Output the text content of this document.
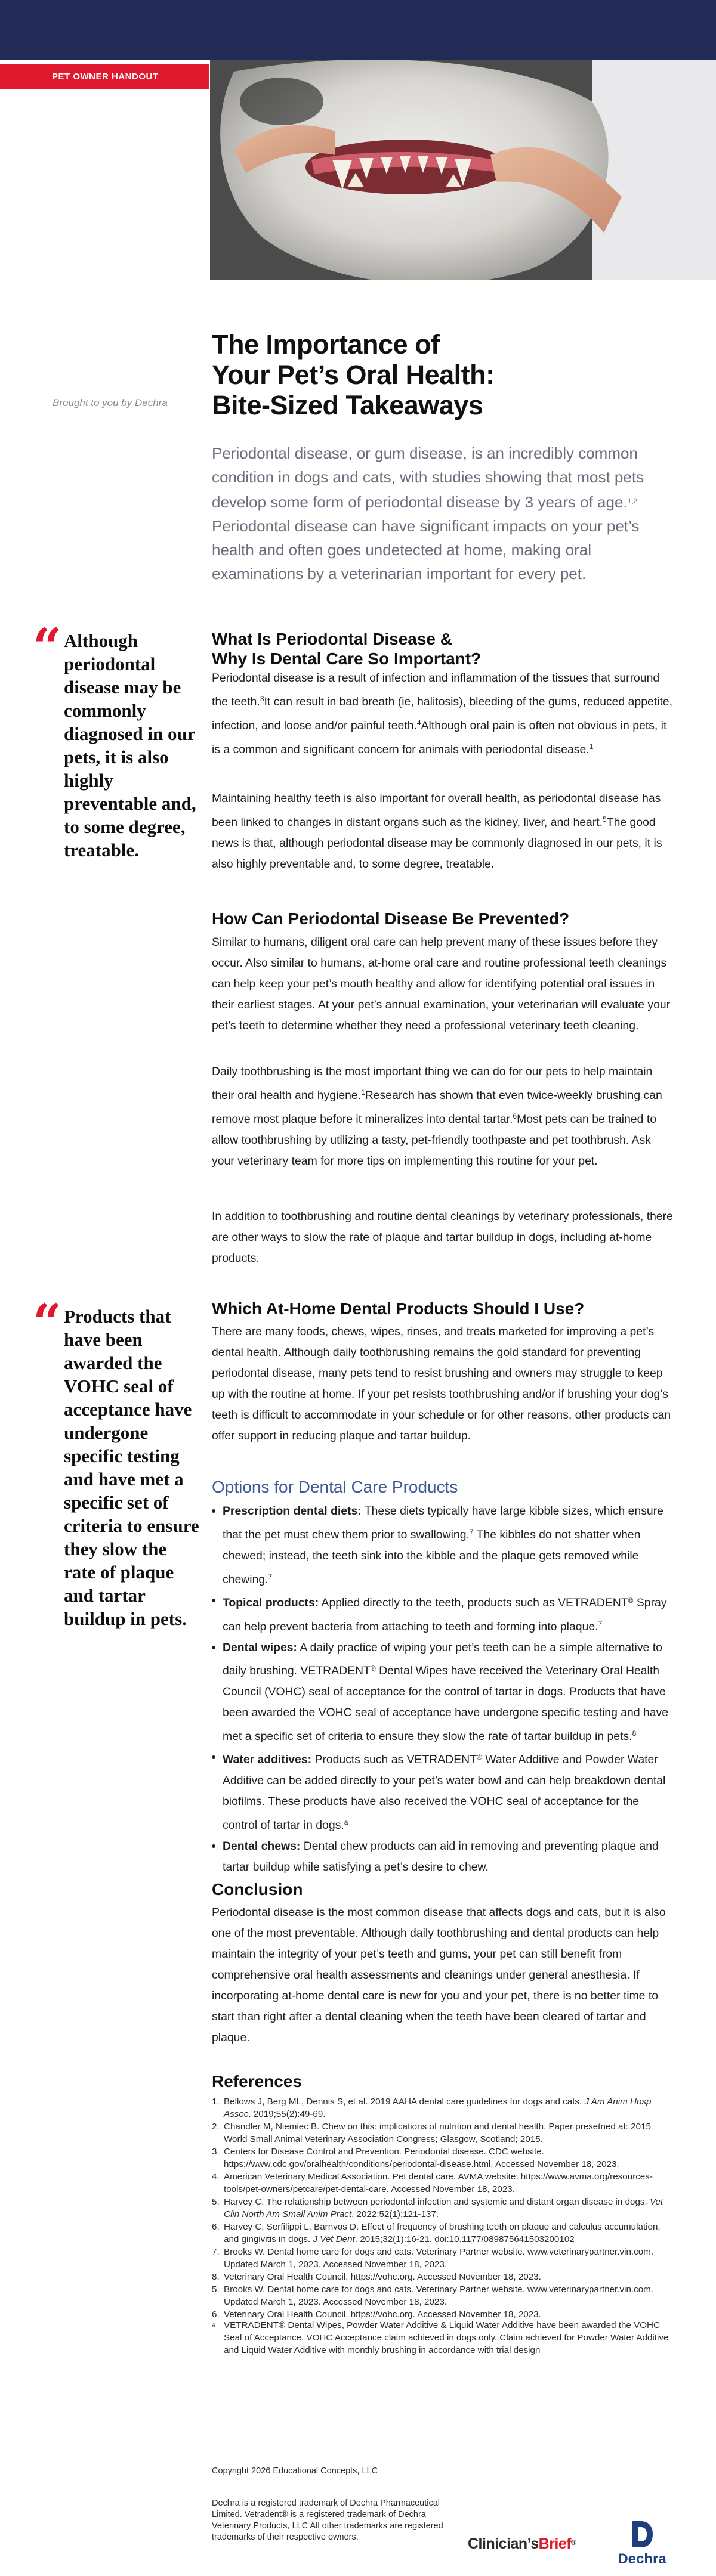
PET OWNER HANDOUT
The Importance of
Your Pet’s Oral Health:
Bite-Sized Takeaways
Brought to you by Dechra
Periodontal disease, or gum disease, is an incredibly common condition in dogs and cats, with studies showing that most pets develop some form of periodontal disease by 3 years of age.$^{1,2}$ Periodontal disease can have significant impacts on your pet’s health and often goes undetected at home, making oral examinations by a veterinarian important for every pet.
“ Although periodontal disease may be commonly diagnosed in our pets, it is also highly preventable and, to some degree, treatable.
What Is Periodontal Disease &
Why Is Dental Care So Important?
Periodontal disease is a result of infection and inflammation of the tissues that surround the teeth.$^3$It can result in bad breath (ie, halitosis), bleeding of the gums, reduced appetite, infection, and loose and/or painful teeth.$^4$Although oral pain is often not obvious in pets, it is a common and significant concern for animals with periodontal disease.$^1$
Maintaining healthy teeth is also important for overall health, as periodontal disease has been linked to changes in distant organs such as the kidney, liver, and heart.$^5$The good news is that, although periodontal disease may be commonly diagnosed in our pets, it is also highly preventable and, to some degree, treatable.
How Can Periodontal Disease Be Prevented?
Similar to humans, diligent oral care can help prevent many of these issues before they occur. Also similar to humans, at-home oral care and routine professional teeth cleanings can help keep your pet’s mouth healthy and allow for identifying potential oral issues in their earliest stages. At your pet’s annual examination, your veterinarian will evaluate your pet’s teeth to determine whether they need a professional veterinary teeth cleaning.
Daily toothbrushing is the most important thing we can do for our pets to help maintain their oral health and hygiene.$^1$Research has shown that even twice-weekly brushing can remove most plaque before it mineralizes into dental tartar.$^6$Most pets can be trained to allow toothbrushing by utilizing a tasty, pet-friendly toothpaste and pet toothbrush. Ask your veterinary team for more tips on implementing this routine for your pet.
In addition to toothbrushing and routine dental cleanings by veterinary professionals, there are other ways to slow the rate of plaque and tartar buildup in dogs, including at-home products.
“ Products that have been awarded the VOHC seal of acceptance have undergone specific testing and have met a specific set of criteria to ensure they slow the rate of plaque and tartar buildup in pets.
Which At-Home Dental Products Should I Use?
There are many foods, chews, wipes, rinses, and treats marketed for improving a pet’s dental health. Although daily toothbrushing remains the gold standard for preventing periodontal disease, many pets tend to resist brushing and owners may struggle to keep up with the routine at home. If your pet resists toothbrushing and/or if brushing your dog’s teeth is difficult to accommodate in your schedule or for other reasons, other products can offer support in reducing plaque and tartar buildup.
Options for Dental Care Products
Prescription dental diets: These diets typically have large kibble sizes, which ensure that the pet must chew them prior to swallowing.$^7$ The kibbles do not shatter when chewed; instead, the teeth sink into the kibble and the plaque gets removed while chewing.$^7$
Topical products: Applied directly to the teeth, products such as VETRADENT® Spray can help prevent bacteria from attaching to teeth and forming into plaque.$^7$
Dental wipes: A daily practice of wiping your pet’s teeth can be a simple alternative to daily brushing. VETRADENT® Dental Wipes have received the Veterinary Oral Health Council (VOHC) seal of acceptance for the control of tartar in dogs. Products that have been awarded the VOHC seal of acceptance have undergone specific testing and have met a specific set of criteria to ensure they slow the rate of tartar buildup in pets.$^8$
Water additives: Products such as VETRADENT® Water Additive and Powder Water Additive can be added directly to your pet’s water bowl and can help breakdown dental biofilms. These products have also received the VOHC seal of acceptance for the control of tartar in dogs.$^a$
Dental chews: Dental chew products can aid in removing and preventing plaque and tartar buildup while satisfying a pet’s desire to chew.
Conclusion
Periodontal disease is the most common disease that affects dogs and cats, but it is also one of the most preventable. Although daily toothbrushing and dental products can help maintain the integrity of your pet’s teeth and gums, your pet can still benefit from comprehensive oral health assessments and cleanings under general anesthesia. If incorporating at-home dental care is new for you and your pet, there is no better time to start than right after a dental cleaning when the teeth have been cleared of tartar and plaque.
References
1. Bellows J, Berg ML, Dennis S, et al. 2019 AAHA dental care guidelines for dogs and cats. J Am Anim Hosp Assoc. 2019;55(2):49-69.
2. Chandler M, Niemiec B. Chew on this: implications of nutrition and dental health. Paper presetned at: 2015 World Small Animal Veterinary Association Congress; Glasgow, Scotland; 2015.
3. Centers for Disease Control and Prevention. Periodontal disease. CDC website. https://www.cdc.gov/oralhealth/conditions/periodontal-disease.html. Accessed November 18, 2023.
4. American Veterinary Medical Association. Pet dental care. AVMA website: https://www.avma.org/resources-tools/pet-owners/petcare/pet-dental-care. Accessed November 18, 2023.
5. Harvey C. The relationship between periodontal infection and systemic and distant organ disease in dogs. Vet Clin North Am Small Anim Pract. 2022;52(1):121-137.
6. Harvey C, Serfilippi L, Barnvos D. Effect of frequency of brushing teeth on plaque and calculus accumulation, and gingivitis in dogs. J Vet Dent. 2015;32(1):16-21. doi:10.1177/089875641503200102
7. Brooks W. Dental home care for dogs and cats. Veterinary Partner website. www.veterinarypartner.vin.com. Updated March 1, 2023. Accessed November 18, 2023.
8. Veterinary Oral Health Council. https://vohc.org. Accessed November 18, 2023.
5. Brooks W. Dental home care for dogs and cats. Veterinary Partner website. www.veterinarypartner.vin.com. Updated March 1, 2023. Accessed November 18, 2023.
6. Veterinary Oral Health Council. https://vohc.org. Accessed November 18, 2023.
a VETRADENT® Dental Wipes, Powder Water Additive & Liquid Water Additive have been awarded the VOHC Seal of Acceptance. VOHC Acceptance claim achieved in dogs only. Claim achieved for Powder Water Additive and Liquid Water Additive with monthly brushing in accordance with trial design
Copyright 2026 Educational Concepts, LLC
Dechra is a registered trademark of Dechra Pharmaceutical Limited. Vetradent® is a registered trademark of Dechra Veterinary Products, LLC All other trademarks are registered trademarks of their respective owners.	Clinician’sBrief®
Dechra
